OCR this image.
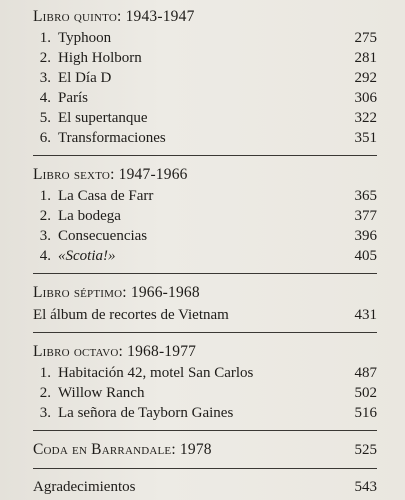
Libro quinto: 1943-1947
1. Typhoon	275
2. High Holborn	281
3. El Día D	292
4. París	306
5. El supertanque	322
6. Transformaciones	351
Libro sexto: 1947-1966
1. La Casa de Farr	365
2. La bodega	377
3. Consecuencias	396
4. «Scotia!»	405
Libro séptimo: 1966-1968
El álbum de recortes de Vietnam	431
Libro octavo: 1968-1977
1. Habitación 42, motel San Carlos	487
2. Willow Ranch	502
3. La señora de Tayborn Gaines	516
Coda en Barrandale: 1978	525
Agradecimientos	543
